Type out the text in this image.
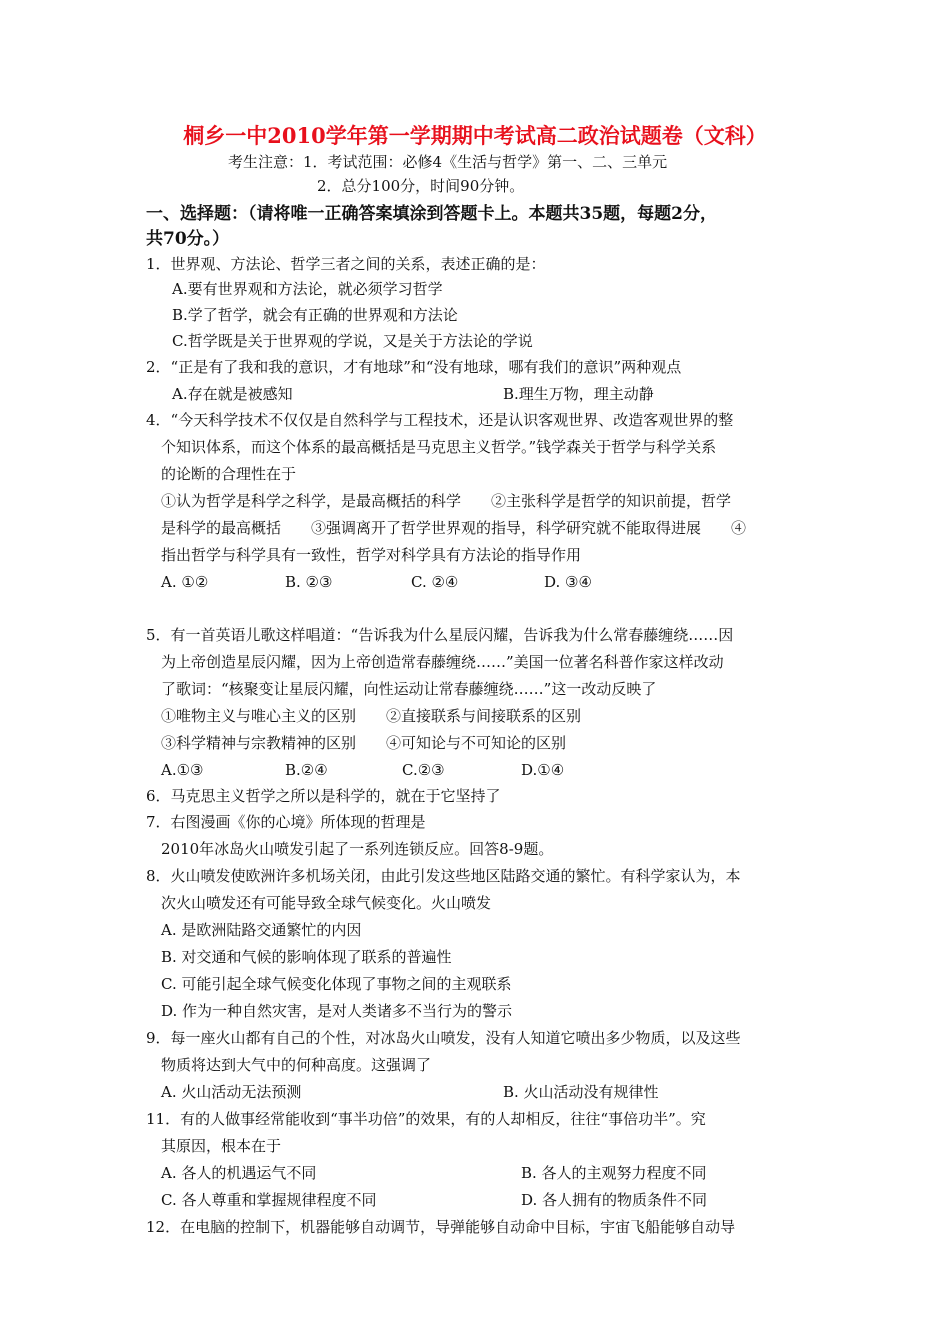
桐乡一中2010学年第一学期期中考试高二政治试题卷（文科）
考生注意：1．考试范围：必修4《生活与哲学》第一、二、三单元
2．总分100分，时间90分钟。
一、选择题：（请将唯一正确答案填涂到答题卡上。本题共35题，每题2分，
共70分。）
1．世界观、方法论、哲学三者之间的关系，表述正确的是：
A.要有世界观和方法论，就必须学习哲学
B.学了哲学，就会有正确的世界观和方法论
C.哲学既是关于世界观的学说，又是关于方法论的学说
2．“正是有了我和我的意识，才有地球”和“没有地球，哪有我们的意识”两种观点
A.存在就是被感知	B.理生万物，理主动静
4．“今天科学技术不仅仅是自然科学与工程技术，还是认识客观世界、改造客观世界的整
个知识体系，而这个体系的最高概括是马克思主义哲学。”钱学森关于哲学与科学关系
的论断的合理性在于
①认为哲学是科学之科学，是最高概括的科学　　②主张科学是哲学的知识前提，哲学
是科学的最高概括　　③强调离开了哲学世界观的指导，科学研究就不能取得进展　　④
指出哲学与科学具有一致性，哲学对科学具有方法论的指导作用
A. ①②	B. ②③	C. ②④	D. ③④
5．有一首英语儿歌这样唱道：“告诉我为什么星辰闪耀，告诉我为什么常春藤缠绕……因
为上帝创造星辰闪耀，因为上帝创造常春藤缠绕……”美国一位著名科普作家这样改动
了歌词：“核聚变让星辰闪耀，向性运动让常春藤缠绕……”这一改动反映了
①唯物主义与唯心主义的区别　　②直接联系与间接联系的区别
③科学精神与宗教精神的区别　　④可知论与不可知论的区别
A.①③	B.②④	C.②③	D.①④
6．马克思主义哲学之所以是科学的，就在于它坚持了
7．右图漫画《你的心境》所体现的哲理是
2010年冰岛火山喷发引起了一系列连锁反应。回答8-9题。
8．火山喷发使欧洲许多机场关闭，由此引发这些地区陆路交通的繁忙。有科学家认为，本
次火山喷发还有可能导致全球气候变化。火山喷发
A. 是欧洲陆路交通繁忙的内因
B. 对交通和气候的影响体现了联系的普遍性
C. 可能引起全球气候变化体现了事物之间的主观联系
D. 作为一种自然灾害，是对人类诸多不当行为的警示
9．每一座火山都有自己的个性，对冰岛火山喷发，没有人知道它喷出多少物质，以及这些
物质将达到大气中的何种高度。这强调了
A. 火山活动无法预测	B. 火山活动没有规律性
11．有的人做事经常能收到“事半功倍”的效果，有的人却相反，往往“事倍功半”。究
其原因，根本在于
A. 各人的机遇运气不同	B. 各人的主观努力程度不同
C. 各人尊重和掌握规律程度不同	D. 各人拥有的物质条件不同
12．在电脑的控制下，机器能够自动调节，导弹能够自动命中目标，宇宙飞船能够自动导
